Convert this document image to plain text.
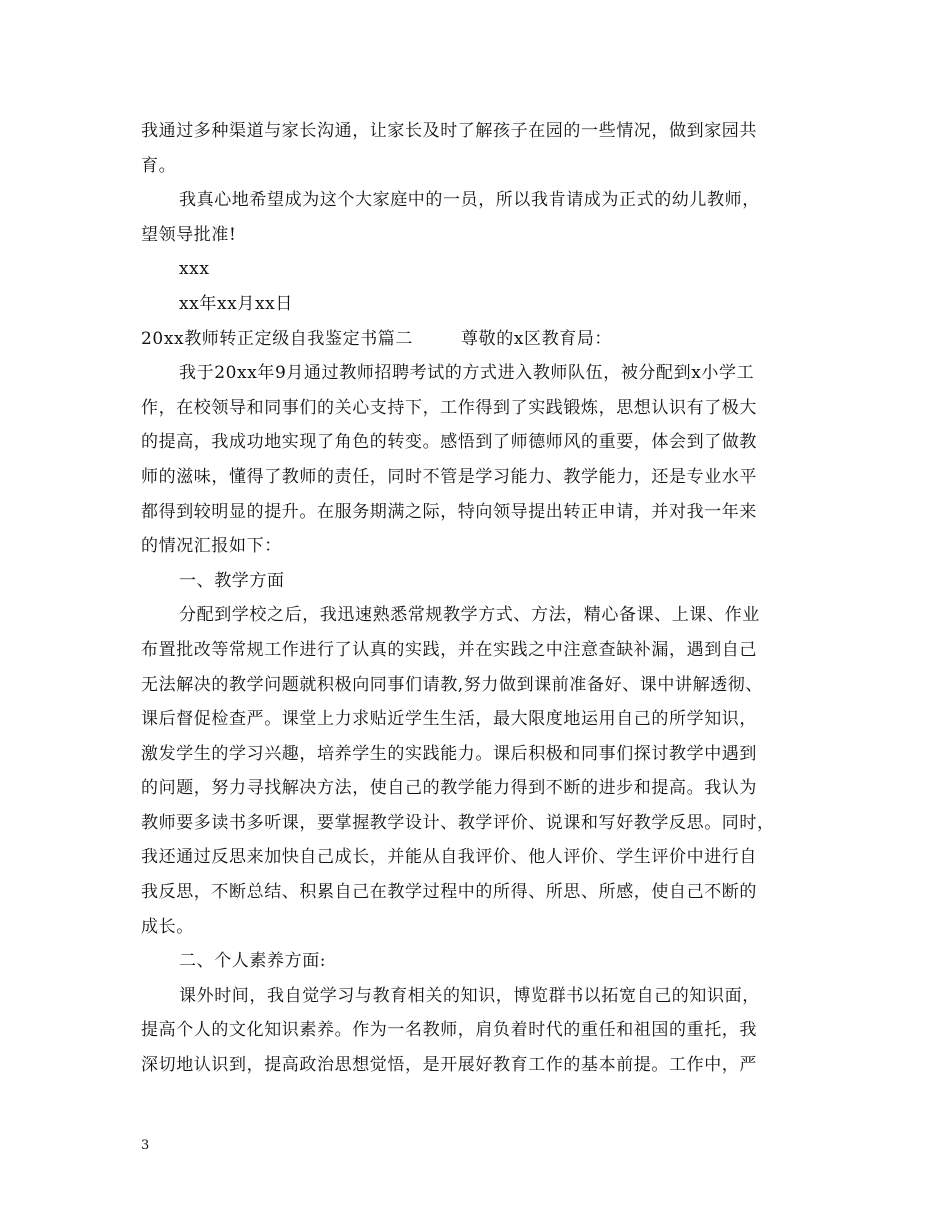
我通过多种渠道与家长沟通，让家长及时了解孩子在园的一些情况，做到家园共
育。
我真心地希望成为这个大家庭中的一员，所以我肯请成为正式的幼儿教师，
望领导批准!
xxx
xx年xx月xx日
20xx教师转正定级自我鉴定书篇二        尊敬的x区教育局：
我于20xx年9月通过教师招聘考试的方式进入教师队伍，被分配到x小学工
作，在校领导和同事们的关心支持下，工作得到了实践锻炼，思想认识有了极大
的提高，我成功地实现了角色的转变。感悟到了师德师风的重要，体会到了做教
师的滋味，懂得了教师的责任，同时不管是学习能力、教学能力，还是专业水平
都得到较明显的提升。在服务期满之际，特向领导提出转正申请，并对我一年来
的情况汇报如下：
一、教学方面
分配到学校之后，我迅速熟悉常规教学方式、方法，精心备课、上课、作业
布置批改等常规工作进行了认真的实践，并在实践之中注意查缺补漏，遇到自己
无法解决的教学问题就积极向同事们请教,努力做到课前准备好、课中讲解透彻、
课后督促检查严。课堂上力求贴近学生生活，最大限度地运用自己的所学知识，
激发学生的学习兴趣，培养学生的实践能力。课后积极和同事们探讨教学中遇到
的问题，努力寻找解决方法，使自己的教学能力得到不断的进步和提高。我认为
教师要多读书多听课，要掌握教学设计、教学评价、说课和写好教学反思。同时，
我还通过反思来加快自己成长，并能从自我评价、他人评价、学生评价中进行自
我反思，不断总结、积累自己在教学过程中的所得、所思、所感，使自己不断的
成长。
二、个人素养方面:
课外时间，我自觉学习与教育相关的知识，博览群书以拓宽自己的知识面，
提高个人的文化知识素养。作为一名教师，肩负着时代的重任和祖国的重托，我
深切地认识到，提高政治思想觉悟，是开展好教育工作的基本前提。工作中，严
3
